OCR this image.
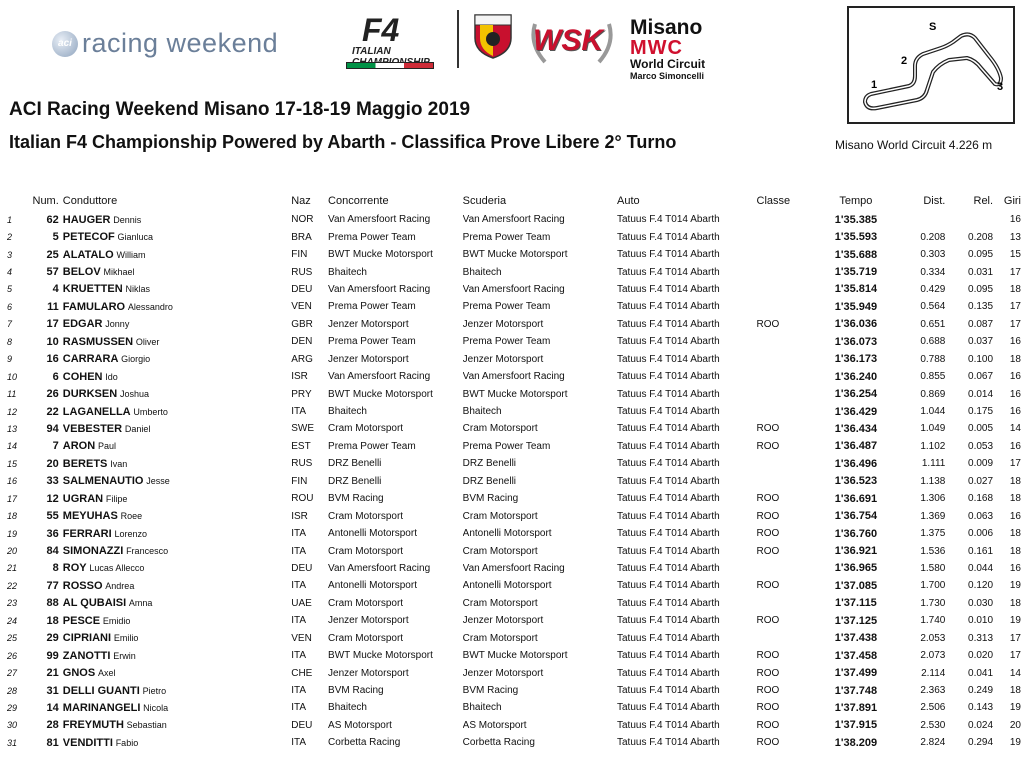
aci racing weekend	F4
ITALIAN	WSK Misano
MWC
World Circuit
Marco Simoncelli
S
1
2
3
ACI Racing Weekend Misano 17-18-19 Maggio 2019
Italian F4 Championship Powered by Abarth - Classifica Prove Libere 2° Turno	Misano World Circuit 4.226 m
	Num.	Conduttore	Naz	Concorrente	Scuderia	Auto	Classe	Tempo	Dist.	Rel.	Giri
1	62	HAUGER Dennis	NOR	Van Amersfoort Racing	Van Amersfoort Racing	Tatuus F.4 T014 Abarth		1'35.385			16
2	5	PETECOF Gianluca	BRA	Prema Power Team	Prema Power Team	Tatuus F.4 T014 Abarth		1'35.593	0.208	0.208	13
3	25	ALATALO William	FIN	BWT Mucke Motorsport	BWT Mucke Motorsport	Tatuus F.4 T014 Abarth		1'35.688	0.303	0.095	15
4	57	BELOV Mikhael	RUS	Bhaitech	Bhaitech	Tatuus F.4 T014 Abarth		1'35.719	0.334	0.031	17
5	4	KRUETTEN Niklas	DEU	Van Amersfoort Racing	Van Amersfoort Racing	Tatuus F.4 T014 Abarth		1'35.814	0.429	0.095	18
6	11	FAMULARO Alessandro	VEN	Prema Power Team	Prema Power Team	Tatuus F.4 T014 Abarth		1'35.949	0.564	0.135	17
7	17	EDGAR Jonny	GBR	Jenzer Motorsport	Jenzer Motorsport	Tatuus F.4 T014 Abarth	ROO	1'36.036	0.651	0.087	17
8	10	RASMUSSEN Oliver	DEN	Prema Power Team	Prema Power Team	Tatuus F.4 T014 Abarth		1'36.073	0.688	0.037	16
9	16	CARRARA Giorgio	ARG	Jenzer Motorsport	Jenzer Motorsport	Tatuus F.4 T014 Abarth		1'36.173	0.788	0.100	18
10	6	COHEN Ido	ISR	Van Amersfoort Racing	Van Amersfoort Racing	Tatuus F.4 T014 Abarth		1'36.240	0.855	0.067	16
11	26	DURKSEN Joshua	PRY	BWT Mucke Motorsport	BWT Mucke Motorsport	Tatuus F.4 T014 Abarth		1'36.254	0.869	0.014	16
12	22	LAGANELLA Umberto	ITA	Bhaitech	Bhaitech	Tatuus F.4 T014 Abarth		1'36.429	1.044	0.175	16
13	94	VEBESTER Daniel	SWE	Cram Motorsport	Cram Motorsport	Tatuus F.4 T014 Abarth	ROO	1'36.434	1.049	0.005	14
14	7	ARON Paul	EST	Prema Power Team	Prema Power Team	Tatuus F.4 T014 Abarth	ROO	1'36.487	1.102	0.053	16
15	20	BERETS Ivan	RUS	DRZ Benelli	DRZ Benelli	Tatuus F.4 T014 Abarth		1'36.496	1.111	0.009	17
16	33	SALMENAUTIO Jesse	FIN	DRZ Benelli	DRZ Benelli	Tatuus F.4 T014 Abarth		1'36.523	1.138	0.027	18
17	12	UGRAN Filipe	ROU	BVM Racing	BVM Racing	Tatuus F.4 T014 Abarth	ROO	1'36.691	1.306	0.168	18
18	55	MEYUHAS Roee	ISR	Cram Motorsport	Cram Motorsport	Tatuus F.4 T014 Abarth	ROO	1'36.754	1.369	0.063	16
19	36	FERRARI Lorenzo	ITA	Antonelli Motorsport	Antonelli Motorsport	Tatuus F.4 T014 Abarth	ROO	1'36.760	1.375	0.006	18
20	84	SIMONAZZI Francesco	ITA	Cram Motorsport	Cram Motorsport	Tatuus F.4 T014 Abarth	ROO	1'36.921	1.536	0.161	18
21	8	ROY Lucas Allecco	DEU	Van Amersfoort Racing	Van Amersfoort Racing	Tatuus F.4 T014 Abarth		1'36.965	1.580	0.044	16
22	77	ROSSO Andrea	ITA	Antonelli Motorsport	Antonelli Motorsport	Tatuus F.4 T014 Abarth	ROO	1'37.085	1.700	0.120	19
23	88	AL QUBAISI Amna	UAE	Cram Motorsport	Cram Motorsport	Tatuus F.4 T014 Abarth		1'37.115	1.730	0.030	18
24	18	PESCE Emidio	ITA	Jenzer Motorsport	Jenzer Motorsport	Tatuus F.4 T014 Abarth	ROO	1'37.125	1.740	0.010	19
25	29	CIPRIANI Emilio	VEN	Cram Motorsport	Cram Motorsport	Tatuus F.4 T014 Abarth		1'37.438	2.053	0.313	17
26	99	ZANOTTI Erwin	ITA	BWT Mucke Motorsport	BWT Mucke Motorsport	Tatuus F.4 T014 Abarth	ROO	1'37.458	2.073	0.020	17
27	21	GNOS Axel	CHE	Jenzer Motorsport	Jenzer Motorsport	Tatuus F.4 T014 Abarth	ROO	1'37.499	2.114	0.041	14
28	31	DELLI GUANTI Pietro	ITA	BVM Racing	BVM Racing	Tatuus F.4 T014 Abarth	ROO	1'37.748	2.363	0.249	18
29	14	MARINANGELI Nicola	ITA	Bhaitech	Bhaitech	Tatuus F.4 T014 Abarth	ROO	1'37.891	2.506	0.143	19
30	28	FREYMUTH Sebastian	DEU	AS Motorsport	AS Motorsport	Tatuus F.4 T014 Abarth	ROO	1'37.915	2.530	0.024	20
31	81	VENDITTI Fabio	ITA	Corbetta Racing	Corbetta Racing	Tatuus F.4 T014 Abarth	ROO	1'38.209	2.824	0.294	19
